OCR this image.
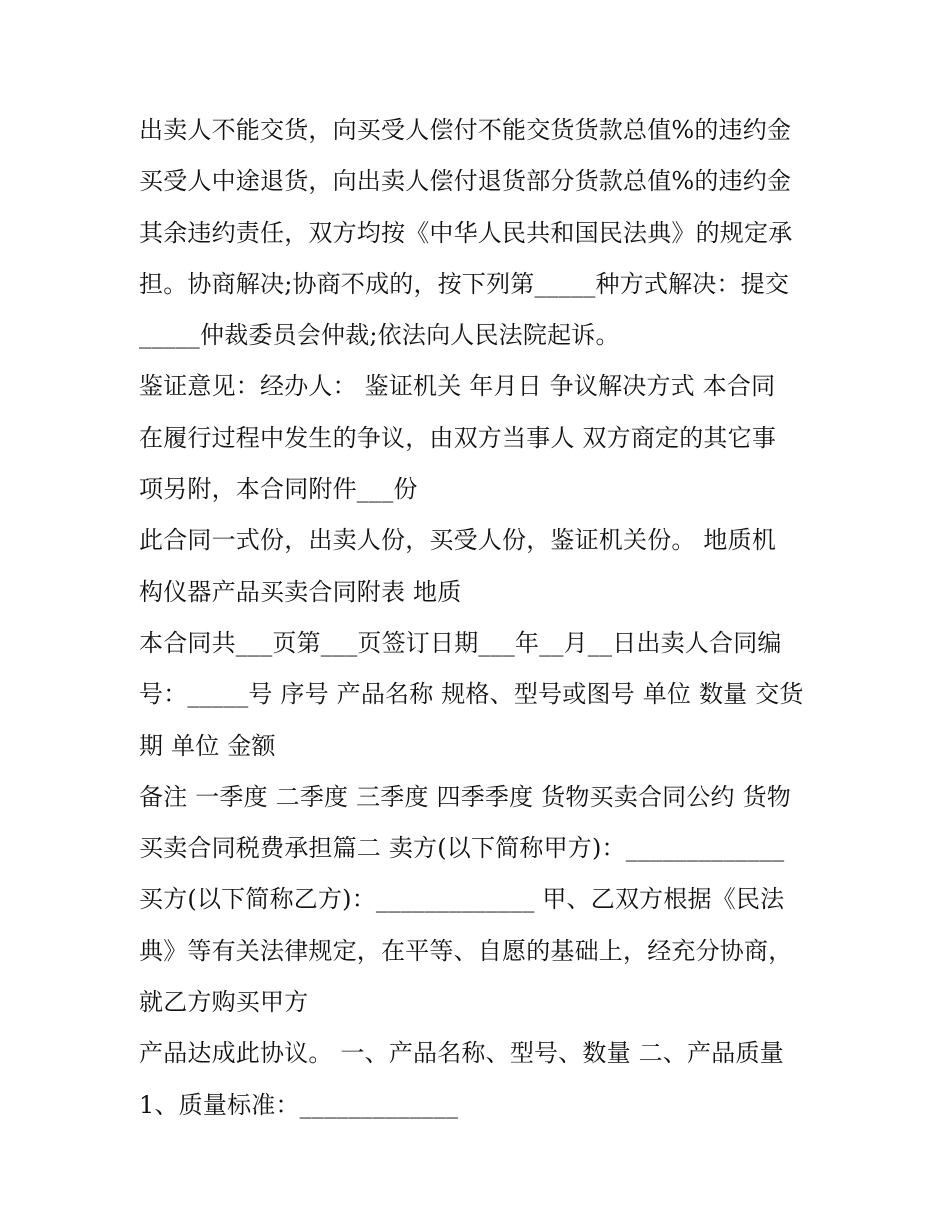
出卖人不能交货，向买受人偿付不能交货货款总值%的违约金
买受人中途退货，向出卖人偿付退货部分货款总值%的违约金
其余违约责任，双方均按《中华人民共和国民法典》的规定承
担。协商解决;协商不成的，按下列第_____种方式解决：提交
_____仲裁委员会仲裁;依法向人民法院起诉。
鉴证意见：经办人： 鉴证机关 年月日 争议解决方式 本合同
在履行过程中发生的争议，由双方当事人 双方商定的其它事
项另附，本合同附件___份
此合同一式份，出卖人份，买受人份，鉴证机关份。 地质机
构仪器产品买卖合同附表 地质
本合同共___页第___页签订日期___年__月__日出卖人合同编
号：_____号 序号 产品名称 规格、型号或图号 单位 数量 交货
期 单位 金额
备注 一季度 二季度 三季度 四季季度 货物买卖合同公约 货物
买卖合同税费承担篇二 卖方(以下简称甲方)：_____________
买方(以下简称乙方)：_____________ 甲、乙双方根据《民法
典》等有关法律规定，在平等、自愿的基础上，经充分协商，
就乙方购买甲方
产品达成此协议。 一、产品名称、型号、数量 二、产品质量
1、质量标准：_____________
